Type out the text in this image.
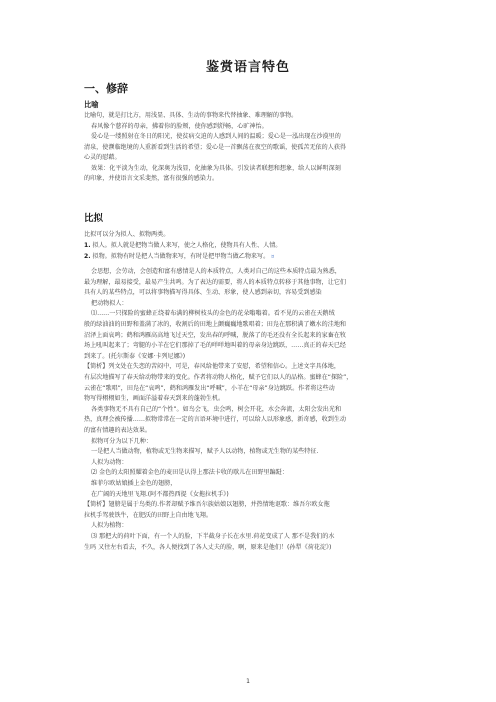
鉴赏语言特色
一、修辞
比喻
比喻句，就是打比方，用浅显、具体、生动的事物来代替抽象、难理解的事物。
春风像个慈祥的母亲，拂着你的脸颊，使你感到舒畅，心旷神怡。
爱心是一缕照射在冬日的阳光，使贫病交迫的人感到人间的温暖；爱心是一泓出现在沙漠里的
清泉，使濒临绝境的人重新看到生活的希望；爱心是一首飘荡在夜空的歌谣，使孤苦无依的人获得
心灵的慰藉。
效果：化平淡为生动，化深奥为浅显，化抽象为具体。引发读者联想和想象，给人以鲜明深刻
的印象，并使语言文采斐然，富有很强的感染力。
比拟
比拟可以分为拟人、拟物两类。
1. 拟人。拟人就是把物当做人来写，使之人格化，使物具有人性、人情。
2. 拟物。拟物有时是把人当做物来写，有时是把甲物当做乙物来写。 ¤
会思想，会劳动，会创造和富有感情是人的本质特点，人类对自己的这些本质特点最为熟悉，
最为理解，最易接受，最易产生共鸣。为了表达的需要，将人的本质特点转移于其他事物，让它们
具有人的某些特点，可以将事物描写得具体、生动、形象，使人感到亲切，容易受到感染
把动物拟人：
⑴……一只探险的蜜蜂正绕着布满的柳树枝头的金色的花朵嗡嗡着。看不见的云雀在天鹅绒
般的绿油油的田野和盖满了冰的，收割后的田地上颤巍巍地歌唱着；田凫在那积满了嫩水的洼地和
沼泽上面哀鸣；鹤和鸿雁高高地飞过天空，发出春的呼喊，脱落了的毛还没有全长起来的家畜在牧
场上吼叫起来了；弯腿的小羊在它们那掉了毛的咩咩地叫着的母亲身边跳跃，……真正的春天已经
到来了。(托尔斯泰《安娜·卡列尼娜》)
【简析】列文处在失恋的苦闷中，可是，春风给他带来了安慰，希望和信心。上述文字具体地，
有层次地描写了春天给动物带来的变化。作者将动物人格化，赋予它们以人的品格。蜜蜂在“探险”，
云雀在“歌唱”，田凫在“哀鸣”，鹤和鸿雁发出“呼喊”，小羊在“母亲”身边跳跃。作者将这些动
物写得栩栩如生，画面洋溢着春天到来的蓬勃生机。
各类事物无不具有自己的“个性”。如鸟会飞，虫会鸣，树会开花，水会奔流，太阳会发出光和
热，真理会被传播……拟物常常在一定的言语环境中进行，可以给人以形象感，新奇感，收到生动
的富有情趣的表达效果。
拟物可分为以下几种：
一是把人当做动物，植物或无生物来描写，赋予人以动物，植物或无生物的某些特征.
人拟为动物：
⑵ 金色的太阳照耀着金色的麦田是认得上那法卡收的歇儿在田野里蹁跹：
维菲尔欧姑娘插上金色的翅膀，
在广阔的天地里飞翔.(阿不都热西提《女拖拉机手》)
【简析】翅膀是属于鸟类的.作者却赋予维吾尔族姑娘以翅膀，并热情地讴歌：维吾尔欧女拖
拉机手驾驶铁牛，在肥沃的田野上自由地飞翔。
人拟为植物：
⑶ 那把大的荷叶下面，有一个人的脸，下半截身子长在水里.荷花变成了人 那不是我们的水
生吗 又往左右看去，不久，各人便找到了各人丈夫的脸，啊，原来是他们！(孙犁《荷花淀》)
1
